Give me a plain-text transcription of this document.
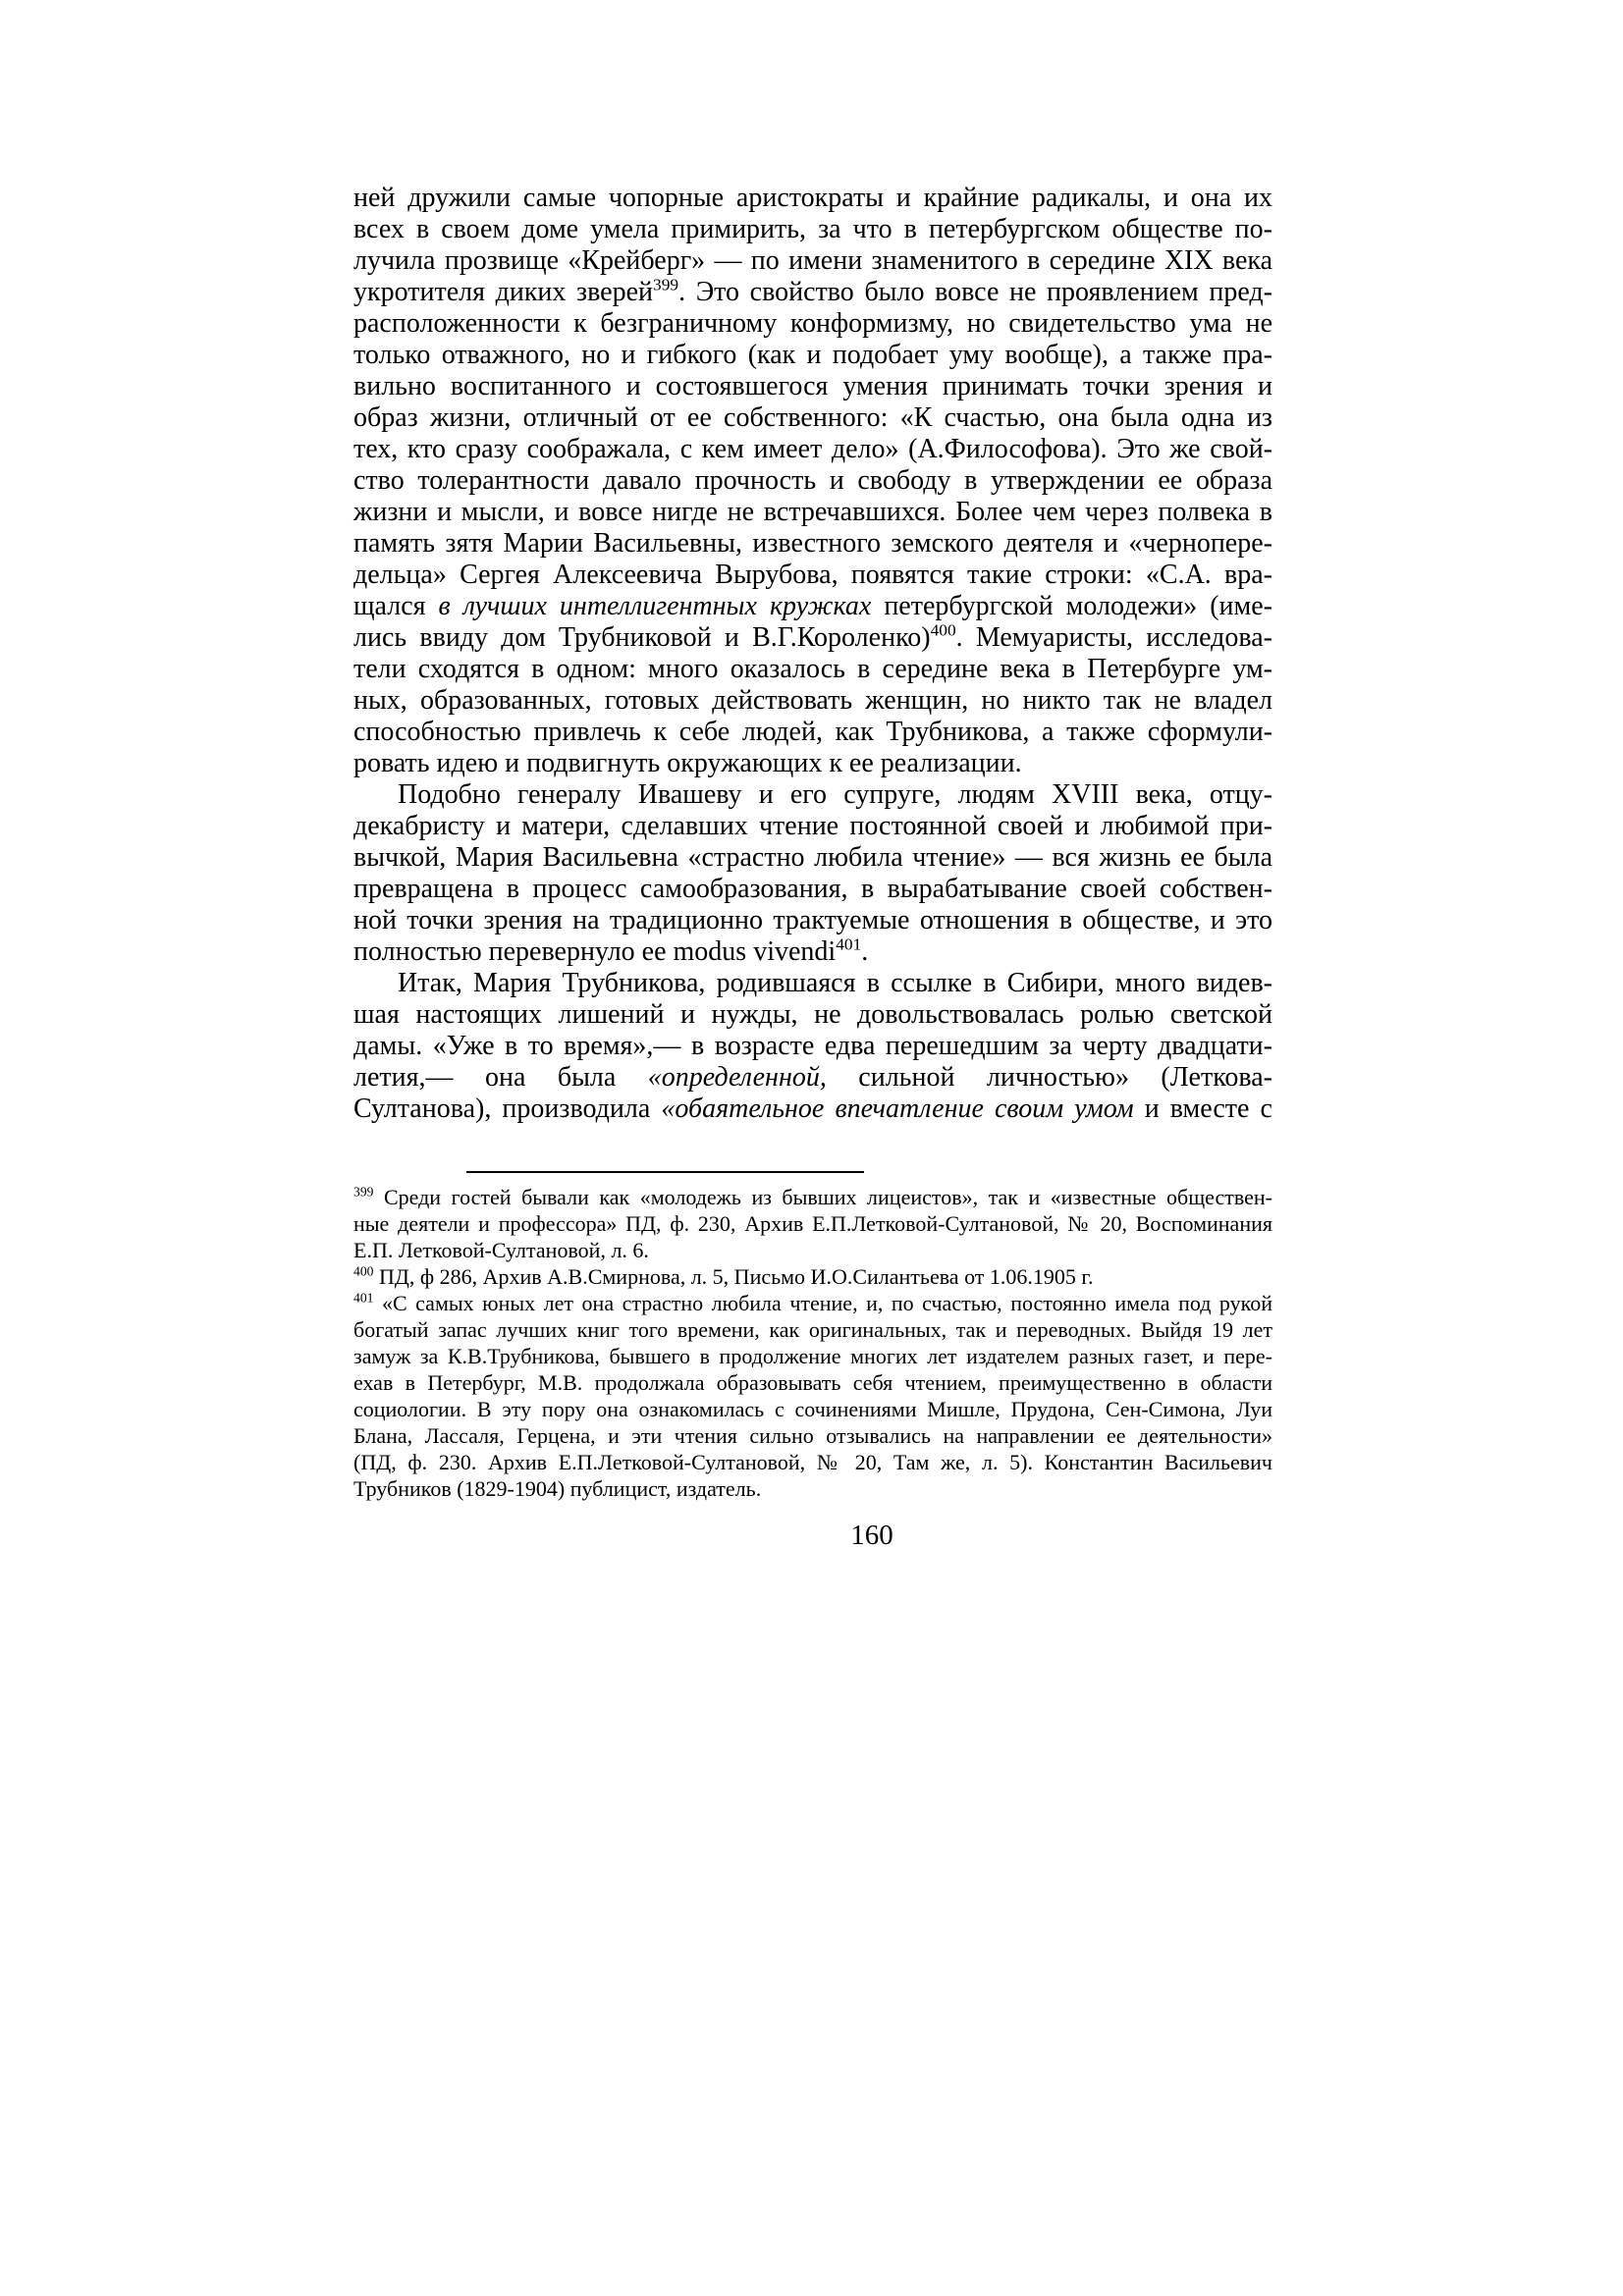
ней дружили самые чопорные аристократы и крайние радикалы, и она их
всех в своем доме умела примирить, за что в петербургском обществе по-
лучила прозвище «Крейберг» — по имени знаменитого в середине XIX века
укротителя диких зверей$^{399}$. Это свойство было вовсе не проявлением пред-
расположенности к безграничному конформизму, но свидетельство ума не
только отважного, но и гибкого (как и подобает уму вообще), а также пра-
вильно воспитанного и состоявшегося умения принимать точки зрения и
образ жизни, отличный от ее собственного: «К счастью, она была одна из
тех, кто сразу соображала, с кем имеет дело» (А.Философова). Это же свой-
ство толерантности давало прочность и свободу в утверждении ее образа
жизни и мысли, и вовсе нигде не встречавшихся. Более чем через полвека в
память зятя Марии Васильевны, известного земского деятеля и «чернопере-
дельца» Сергея Алексеевича Вырубова, появятся такие строки: «С.А. вра-
щался в лучших интеллигентных кружках петербургской молодежи» (име-
лись ввиду дом Трубниковой и В.Г.Короленко)$^{400}$. Мемуаристы, исследова-
тели сходятся в одном: много оказалось в середине века в Петербурге ум-
ных, образованных, готовых действовать женщин, но никто так не владел
способностью привлечь к себе людей, как Трубникова, а также сформули-
ровать идею и подвигнуть окружающих к ее реализации.
Подобно генералу Ивашеву и его супруге, людям XVIII века, отцу-
декабристу и матери, сделавших чтение постоянной своей и любимой при-
вычкой, Мария Васильевна «страстно любила чтение» — вся жизнь ее была
превращена в процесс самообразования, в вырабатывание своей собствен-
ной точки зрения на традиционно трактуемые отношения в обществе, и это
полностью перевернуло ее modus vivendi$^{401}$.
Итак, Мария Трубникова, родившаяся в ссылке в Сибири, много видев-
шая настоящих лишений и нужды, не довольствовалась ролью светской
дамы. «Уже в то время»,— в возрасте едва перешедшим за черту двадцати-
летия,— она была «определенной, сильной личностью» (Леткова-
Султанова), производила «обаятельное впечатление своим умом и вместе с
$^{399}$ Среди гостей бывали как «молодежь из бывших лицеистов», так и «известные обществен-
ные деятели и профессора» ПД, ф. 230, Архив Е.П.Летковой-Султановой, № 20, Воспоминания
Е.П. Летковой-Султановой, л. 6.
$^{400}$ ПД, ф 286, Архив А.В.Смирнова, л. 5, Письмо И.О.Силантьева от 1.06.1905 г.
$^{401}$ «С самых юных лет она страстно любила чтение, и, по счастью, постоянно имела под рукой
богатый запас лучших книг того времени, как оригинальных, так и переводных. Выйдя 19 лет
замуж за К.В.Трубникова, бывшего в продолжение многих лет издателем разных газет, и пере-
ехав в Петербург, М.В. продолжала образовывать себя чтением, преимущественно в области
социологии. В эту пору она ознакомилась с сочинениями Мишле, Прудона, Сен-Симона, Луи
Блана, Лассаля, Герцена, и эти чтения сильно отзывались на направлении ее деятельности»
(ПД, ф. 230. Архив Е.П.Летковой-Султановой, № 20, Там же, л. 5). Константин Васильевич
Трубников (1829-1904) публицист, издатель.
160
